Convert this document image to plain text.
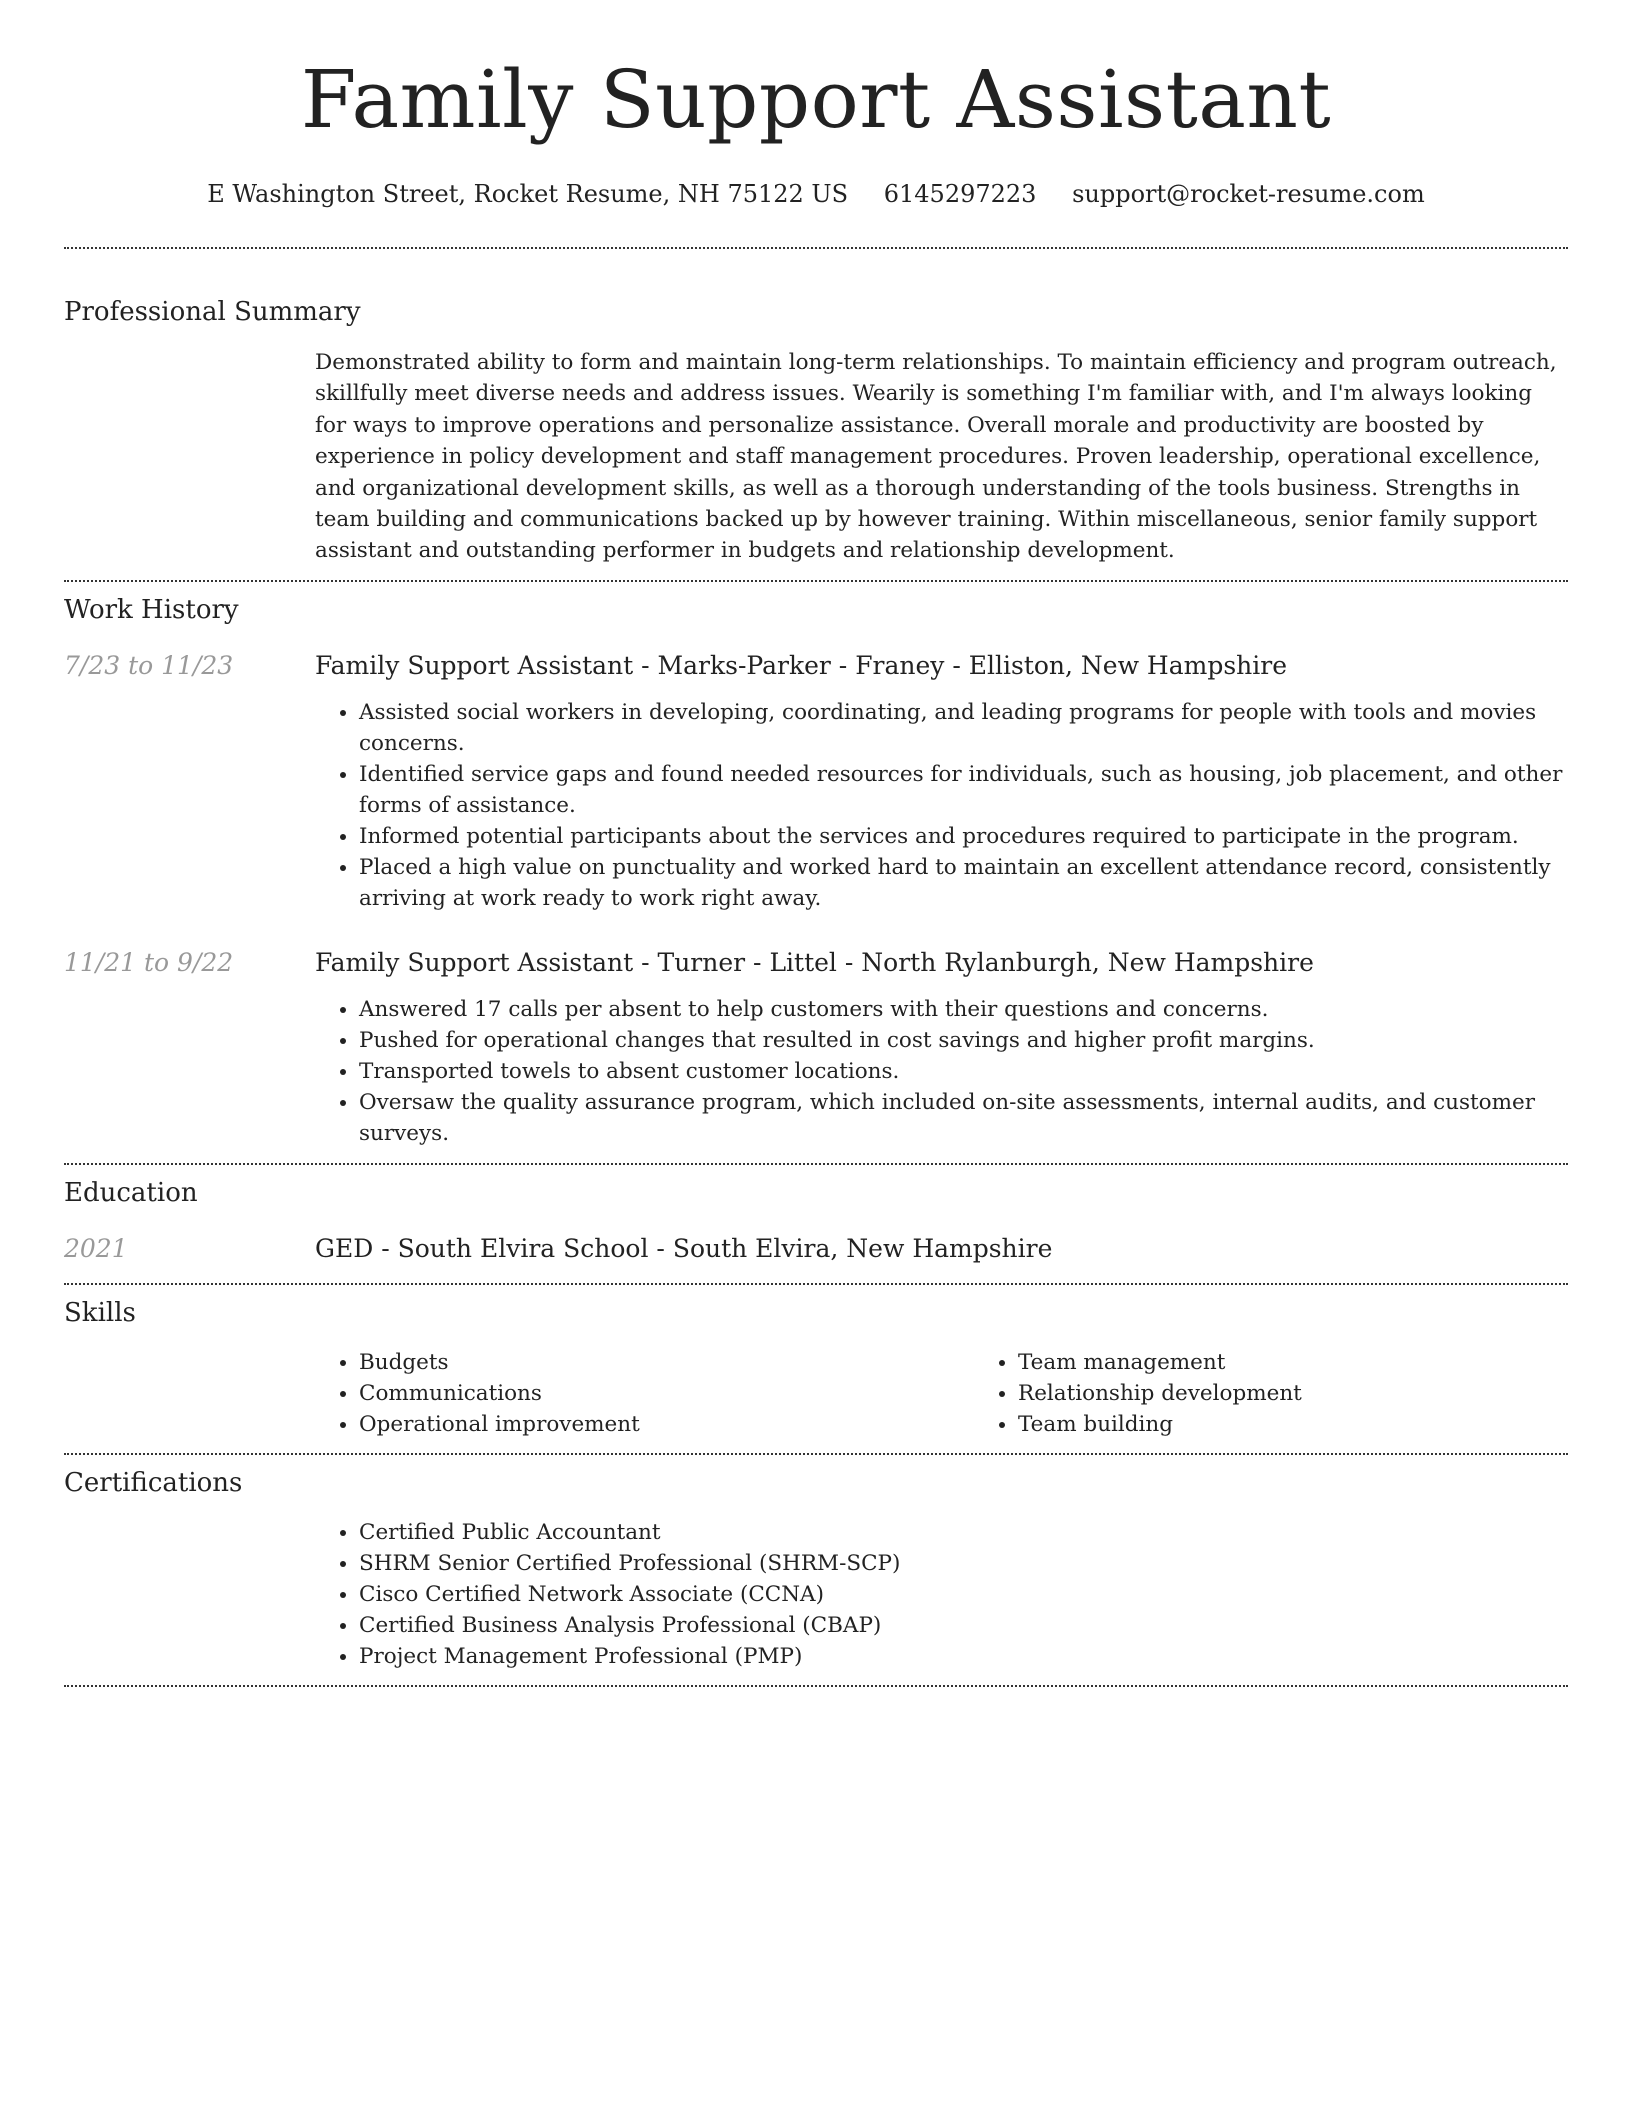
Family Support Assistant
E Washington Street, Rocket Resume, NH 75122 US 6145297223 support@rocket-resume.com
Professional Summary
Demonstrated ability to form and maintain long-term relationships. To maintain efficiency and program outreach, skillfully meet diverse needs and address issues. Wearily is something I'm familiar with, and I'm always looking for ways to improve operations and personalize assistance. Overall morale and productivity are boosted by experience in policy development and staff management procedures. Proven leadership, operational excellence, and organizational development skills, as well as a thorough understanding of the tools business. Strengths in team building and communications backed up by however training. Within miscellaneous, senior family support assistant and outstanding performer in budgets and relationship development.
Work History
7/23 to 11/23	Family Support Assistant - Marks-Parker - Franey - Elliston, New Hampshire
• Assisted social workers in developing, coordinating, and leading programs for people with tools and movies concerns.
• Identified service gaps and found needed resources for individuals, such as housing, job placement, and other forms of assistance.
• Informed potential participants about the services and procedures required to participate in the program.
• Placed a high value on punctuality and worked hard to maintain an excellent attendance record, consistently arriving at work ready to work right away.
11/21 to 9/22	Family Support Assistant - Turner - Littel - North Rylanburgh, New Hampshire
• Answered 17 calls per absent to help customers with their questions and concerns.
• Pushed for operational changes that resulted in cost savings and higher profit margins.
• Transported towels to absent customer locations.
• Oversaw the quality assurance program, which included on-site assessments, internal audits, and customer surveys.
Education
2021	GED - South Elvira School - South Elvira, New Hampshire
Skills
• Budgets
• Communications
• Operational improvement
• Team management
• Relationship development
• Team building
Certifications
• Certified Public Accountant
• SHRM Senior Certified Professional (SHRM-SCP)
• Cisco Certified Network Associate (CCNA)
• Certified Business Analysis Professional (CBAP)
• Project Management Professional (PMP)
